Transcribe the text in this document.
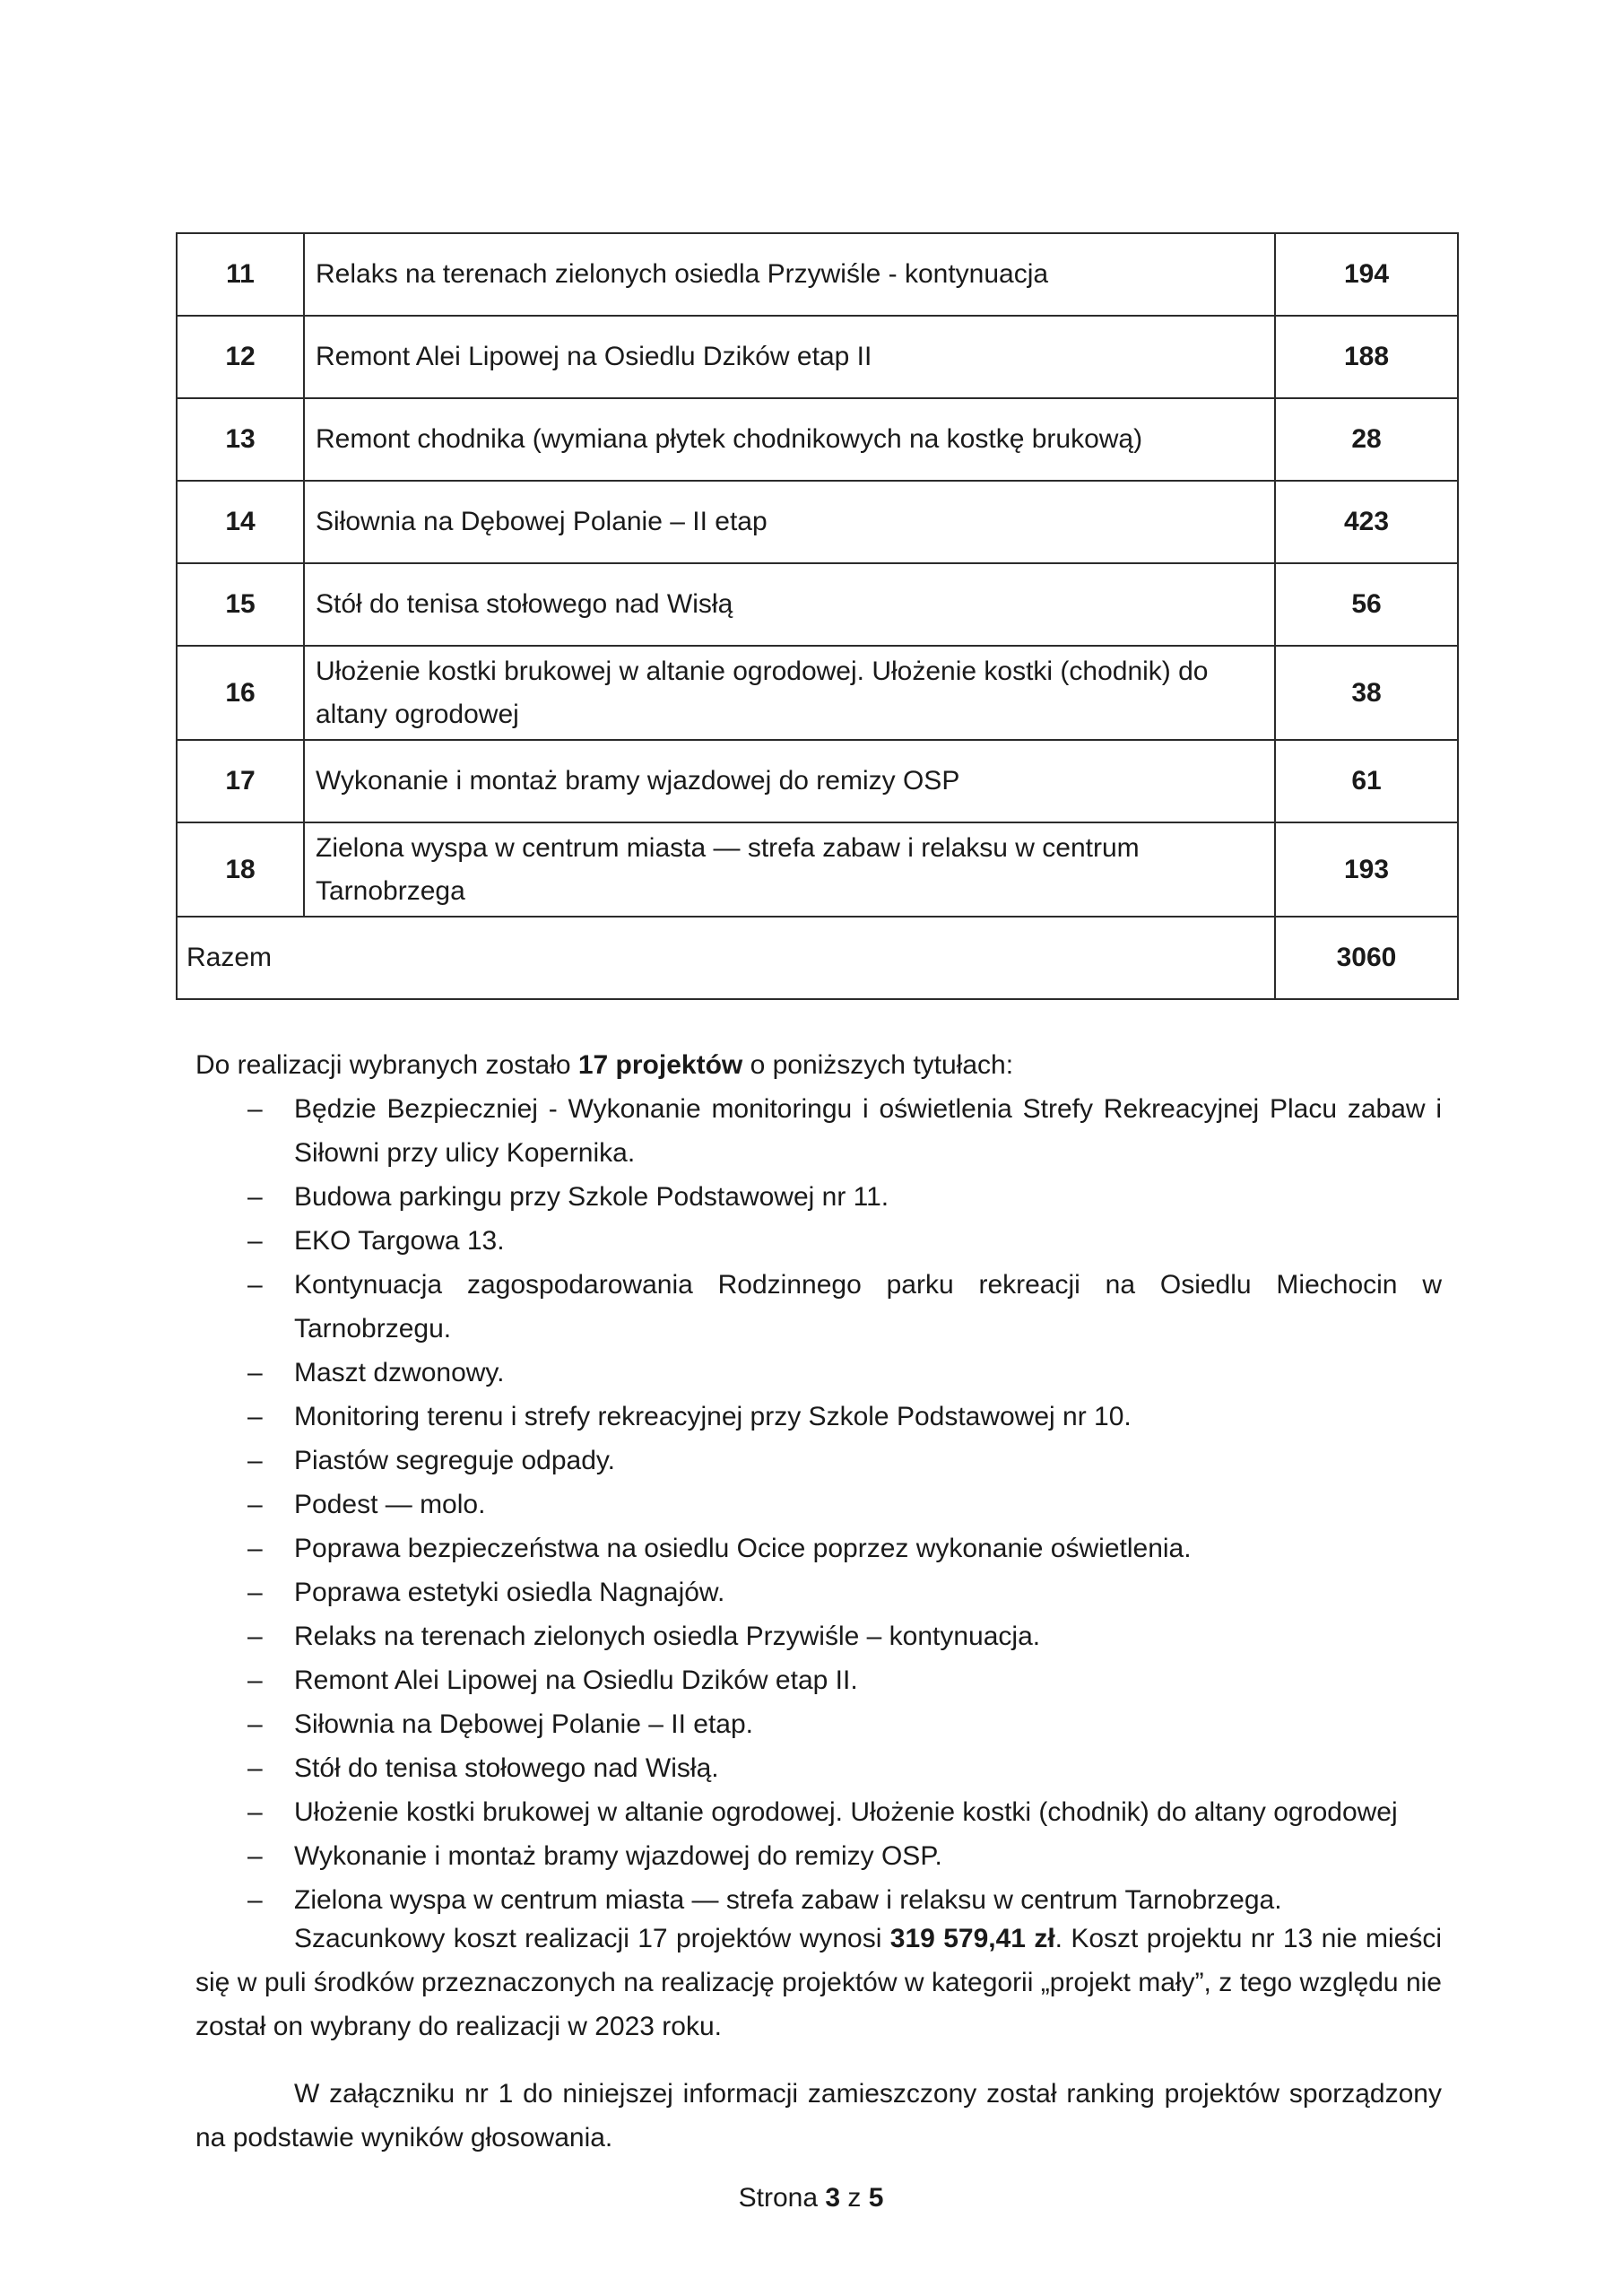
11	Relaks na terenach zielonych osiedla Przywiśle - kontynuacja	194
12	Remont Alei Lipowej na Osiedlu Dzików etap II	188
13	Remont chodnika (wymiana płytek chodnikowych na kostkę brukową)	28
14	Siłownia na Dębowej Polanie – II etap	423
15	Stół do tenisa stołowego nad Wisłą	56
16	Ułożenie kostki brukowej w altanie ogrodowej. Ułożenie kostki (chodnik) do altany ogrodowej	38
17	Wykonanie i montaż bramy wjazdowej do remizy OSP	61
18	Zielona wyspa w centrum miasta — strefa zabaw i relaksu w centrum Tarnobrzega	193
Razem		3060
Do realizacji wybranych zostało 17 projektów o poniższych tytułach:
– Będzie Bezpieczniej - Wykonanie monitoringu i oświetlenia Strefy Rekreacyjnej Placu zabaw i Siłowni przy ulicy Kopernika.
– Budowa parkingu przy Szkole Podstawowej nr 11.
– EKO Targowa 13.
– Kontynuacja zagospodarowania Rodzinnego parku rekreacji na Osiedlu Miechocin w Tarnobrzegu.
– Maszt dzwonowy.
– Monitoring terenu i strefy rekreacyjnej przy Szkole Podstawowej nr 10.
– Piastów segreguje odpady.
– Podest — molo.
– Poprawa bezpieczeństwa na osiedlu Ocice poprzez wykonanie oświetlenia.
– Poprawa estetyki osiedla Nagnajów.
– Relaks na terenach zielonych osiedla Przywiśle – kontynuacja.
– Remont Alei Lipowej na Osiedlu Dzików etap II.
– Siłownia na Dębowej Polanie – II etap.
– Stół do tenisa stołowego nad Wisłą.
– Ułożenie kostki brukowej w altanie ogrodowej. Ułożenie kostki (chodnik) do altany ogrodowej
– Wykonanie i montaż bramy wjazdowej do remizy OSP.
– Zielona wyspa w centrum miasta — strefa zabaw i relaksu w centrum Tarnobrzega.
Szacunkowy koszt realizacji 17 projektów wynosi 319 579,41 zł. Koszt projektu nr 13 nie mieści się w puli środków przeznaczonych na realizację projektów w kategorii „projekt mały”, z tego względu nie został on wybrany do realizacji w 2023 roku.
W załączniku nr 1 do niniejszej informacji zamieszczony został ranking projektów sporządzony na podstawie wyników głosowania.
Strona 3 z 5
